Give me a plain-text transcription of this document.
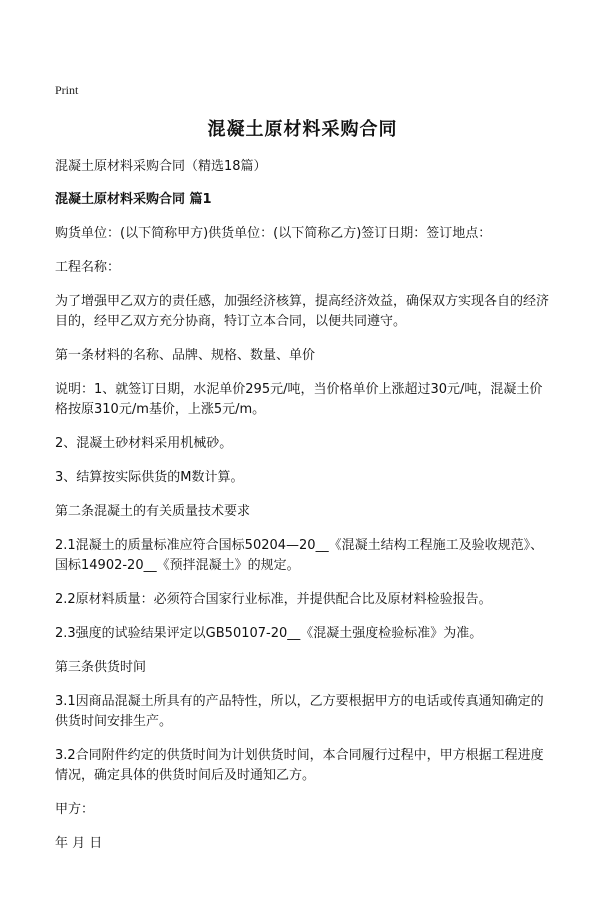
Print
混凝土原材料采购合同
混凝土原材料采购合同（精选18篇）
混凝土原材料采购合同 篇1
购货单位：(以下简称甲方)供货单位：(以下简称乙方)签订日期：签订地点：
工程名称：
为了增强甲乙双方的责任感，加强经济核算，提高经济效益，确保双方实现各自的经济目的，经甲乙双方充分协商，特订立本合同，以便共同遵守。
第一条材料的名称、品牌、规格、数量、单价
说明：1、就签订日期，水泥单价295元/吨，当价格单价上涨超过30元/吨，混凝土价格按原310元/m基价，上涨5元/m。
2、混凝土砂材料采用机械砂。
3、结算按实际供货的M数计算。
第二条混凝土的有关质量技术要求
2.1混凝土的质量标准应符合国标50204—20__《混凝土结构工程施工及验收规范》、国标14902-20__《预拌混凝土》的规定。
2.2原材料质量：必须符合国家行业标准，并提供配合比及原材料检验报告。
2.3强度的试验结果评定以GB50107-20__《混凝土强度检验标准》为准。
第三条供货时间
3.1因商品混凝土所具有的产品特性，所以，乙方要根据甲方的电话或传真通知确定的供货时间安排生产。
3.2合同附件约定的供货时间为计划供货时间，本合同履行过程中，甲方根据工程进度情况，确定具体的供货时间后及时通知乙方。
甲方：
年 月 日
